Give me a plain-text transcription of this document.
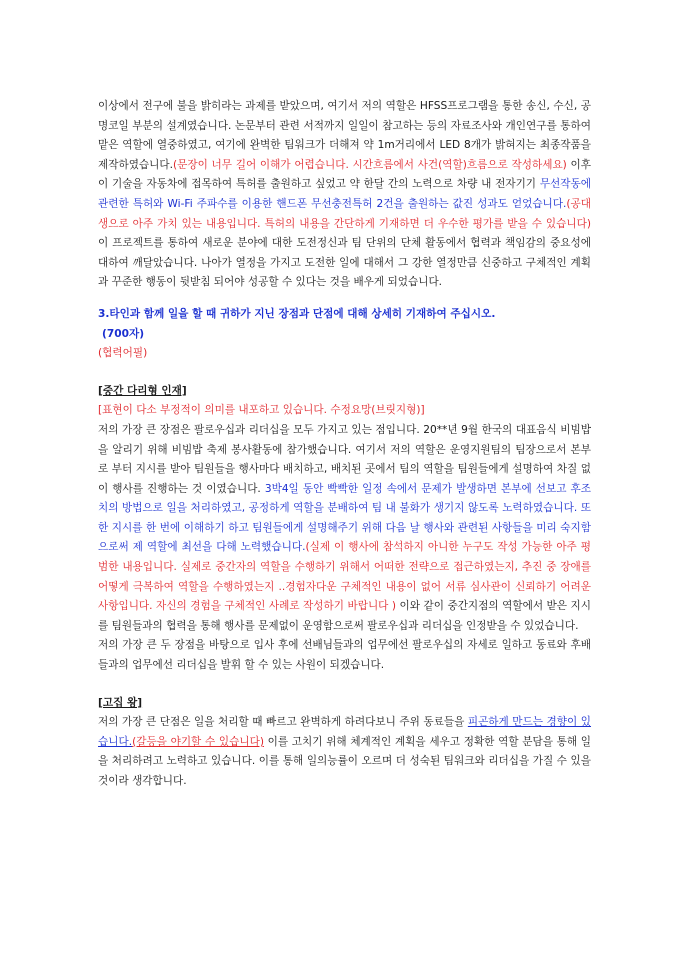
이상에서 전구에 불을 밝히라는 과제를 받았으며, 여기서 저의 역할은 HFSS프로그램을 통한 송신, 수신, 공명코일 부분의 설계였습니다. 논문부터 관련 서적까지 일일이 참고하는 등의 자료조사와 개인연구를 통하여 맡은 역할에 열중하였고, 여기에 완벽한 팀워크가 더해져 약 1m거리에서 LED 8개가 밝혀지는 최종작품을 제작하였습니다.(문장이 너무 길어 이해가 어렵습니다. 시간흐름에서 사건(역할)흐름으로 작성하세요) 이후 이 기술을 자동차에 접목하여 특허를 출원하고 싶었고 약 한달 간의 노력으로 차량 내 전자기기 무선작동에 관련한 특허와 Wi-Fi 주파수를 이용한 핸드폰 무선충전특허 2건을 출원하는 값진 성과도 얻었습니다.(공대생으로 아주 가치 있는 내용입니다. 특허의 내용을 간단하게 기재하면 더 우수한 평가를 받을 수 있습니다) 이 프로젝트를 통하여 새로운 분야에 대한 도전정신과 팀 단위의 단체 활동에서 협력과 책임감의 중요성에 대하여 깨달았습니다. 나아가 열정을 가지고 도전한 일에 대해서 그 강한 열정만큼 신중하고 구체적인 계획과 꾸준한 행동이 뒷받침 되어야 성공할 수 있다는 것을 배우게 되었습니다.

3.타인과 함께 일을 할 때 귀하가 지닌 장점과 단점에 대해 상세히 기재하여 주십시오.

(700자)

(협력어필)

[중간 다리형 인재]

[표현이 다소 부정적이 의미를 내포하고 있습니다. 수정요망(브릿지형)]
저의 가장 큰 장점은 팔로우십과 리더십을 모두 가지고 있는 점입니다. 20**년 9월 한국의 대표음식 비빔밥을 알리기 위해 비빔밥 축제 봉사활동에 참가했습니다. 여기서 저의 역할은 운영지원팀의 팀장으로서 본부로 부터 지시를 받아 팀원들을 행사마다 배치하고, 배치된 곳에서 팀의 역할을 팀원들에게 설명하여 차질 없이 행사를 진행하는 것 이였습니다. 3박4일 동안 빡빡한 일정 속에서 문제가 발생하면 본부에 선보고 후조치의 방법으로 일을 처리하였고, 공정하게 역할을 분배하여 팀 내 불화가 생기지 않도록 노력하였습니다. 또한 지시를 한 번에 이해하기 하고 팀원들에게 설명해주기 위해 다음 날 행사와 관련된 사항들을 미리 숙지함으로써 제 역할에 최선을 다해 노력했습니다.(실제 이 행사에 참석하지 아니한 누구도 작성 가능한 아주 평범한 내용입니다. 실제로 중간자의 역할을 수행하기 위해서 어떠한 전략으로 접근하였는지, 추진 중 장애를 어떻게 극복하여 역할을 수행하였는지 ..경험자다운 구체적인 내용이 없어 서류 심사관이 신뢰하기 어려운 사항입니다. 자신의 경험을 구체적인 사례로 작성하기 바랍니다 ) 이와 같이 중간지점의 역할에서 받은 지시를 팀원들과의 협력을 통해 행사를 문제없이 운영함으로써 팔로우십과 리더십을 인정받을 수 있었습니다.

저의 가장 큰 두 장점을 바탕으로 입사 후에 선배님들과의 업무에선 팔로우십의 자세로 일하고 동료와 후배들과의 업무에선 리더십을 발휘 할 수 있는 사원이 되겠습니다.

[고집 왕]

저의 가장 큰 단점은 일을 처리할 때 빠르고 완벽하게 하려다보니 주위 동료들을 피곤하게 만드는 경향이 있습니다.(갈등을 야기할 수 있습니다) 이를 고치기 위해 체계적인 계획을 세우고 정확한 역할 분담을 통해 일을 처리하려고 노력하고 있습니다. 이를 통해 일의능률이 오르며 더 성숙된 팀워크와 리더십을 가질 수 있을 것이라 생각합니다.
